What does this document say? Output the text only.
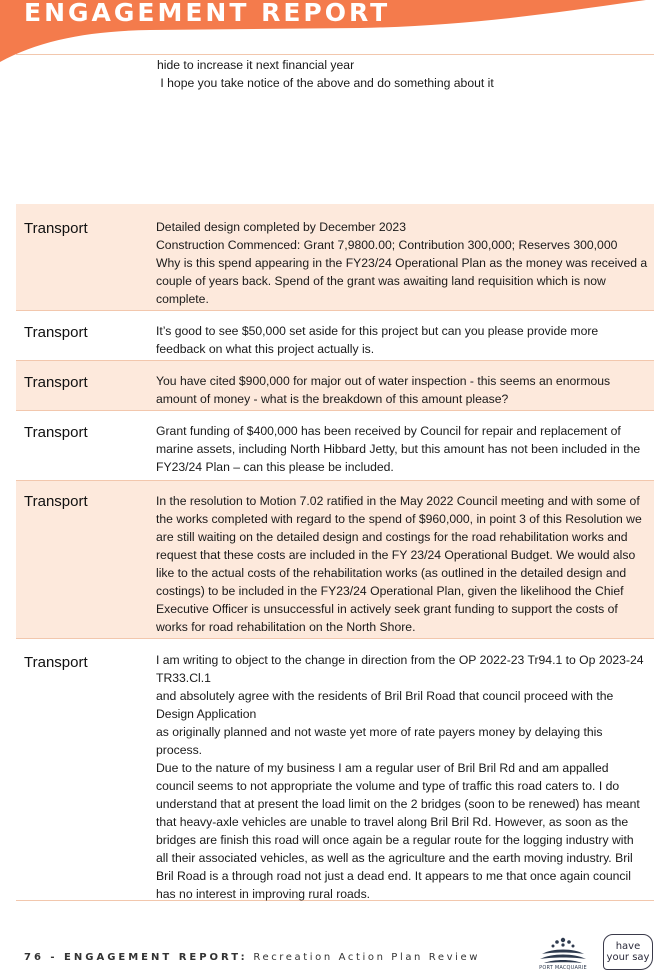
ENGAGEMENT REPORT
hide to increase it next financial year
I hope you take notice of the above and do something about it
Transport	Detailed design completed by December 2023
Construction Commenced: Grant 7,9800.00; Contribution 300,000; Reserves 300,000
Why is this spend appearing in the FY23/24 Operational Plan as the money was received a couple of years back. Spend of the grant was awaiting land requisition which is now complete.
Transport	It’s good to see $50,000 set aside for this project but can you please provide more feedback on what this project actually is.
Transport	You have cited $900,000 for major out of water inspection - this seems an enormous amount of money - what is the breakdown of this amount please?
Transport	Grant funding of $400,000 has been received by Council for repair and replacement of marine assets, including North Hibbard Jetty, but this amount has not been included in the FY23/24 Plan – can this please be included.
Transport	In the resolution to Motion 7.02 ratified in the May 2022 Council meeting and with some of the works completed with regard to the spend of $960,000, in point 3 of this Resolution we are still waiting on the detailed design and costings for the road rehabilitation works and request that these costs are included in the FY 23/24 Operational Budget. We would also like to the actual costs of the rehabilitation works (as outlined in the detailed design and costings) to be included in the FY23/24 Operational Plan, given the likelihood the Chief Executive Officer is unsuccessful in actively seek grant funding to support the costs of works for road rehabilitation on the North Shore.
Transport	I am writing to object to the change in direction from the OP 2022-23 Tr94.1 to Op 2023-24 TR33.Cl.1
and absolutely agree with the residents of Bril Bril Road that council proceed with the Design Application
as originally planned and not waste yet more of rate payers money by delaying this process.
Due to the nature of my business I am a regular user of Bril Bril Rd and am appalled council seems to not appropriate the volume and type of traffic this road caters to. I do understand that at present the load limit on the 2 bridges (soon to be renewed) has meant that heavy-axle vehicles are unable to travel along Bril Bril Rd. However, as soon as the bridges are finish this road will once again be a regular route for the logging industry with all their associated vehicles, as well as the agriculture and the earth moving industry. Bril Bril Road is a through road not just a dead end. It appears to me that once again council has no interest in improving rural roads.
76 - ENGAGEMENT REPORT: Recreation Action Plan Review
PORT MACQUARIE
have
your say
